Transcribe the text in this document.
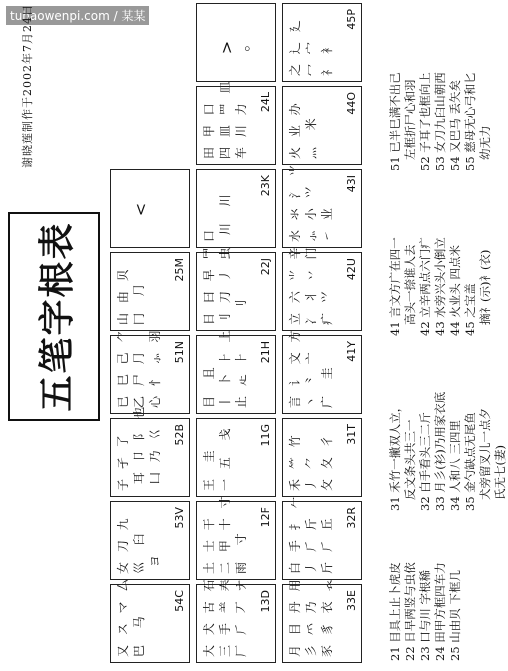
tuhaowenpi.com / 某某
五笔字根表
谢晓莲制作于2002年7月24日
月 目 丹 用
彡 ⺤ 乃
豕 豸 衣 𧘇
33E
白 手 ⺘ 𠂉
丿 ⺁ 斤
斤 ⺁ 丘 32R
禾 ⺮ 竹
丿 ⺈
攵 夂 彳 31T
言 讠 文 方
丶 ⺀ 亠
广  圭
41Y
立 六 ⺌ 辛
冫 丬 丷 门
疒 ⺍
42U
水 氺 ⺡ ⺌
⺗ 小 ⺍
㇀ 业
43I
火 业 办
灬  米
44O
之 辶 廴
冖 宀
礻 衤
45P
大 犬 古 石
三 手 ⺷ 𡗗
厂 ⺁ 丆 ナ
13D
土 士 干
二 甲 十 寸
雨  寸
12F
王  圭
一 五  戋 11G
目  且
丨 卜 ⺊ 上
止 龰 ⺊ 21H
日 曰 早 ⺜
刂 刀 丿 虫
刂
22J
口
川  川
23K
田 甲 口
四 皿 罒 皿
车 川 力 24L
>
。
又 ス マ 厶
巴  马
54C
女 刀 九
巛  臼
ヨ
53V
子 孑 了
耳 卩 阝 也
凵 乃 巜 52B
已 巳 己 ⺈
乙 尸 ⺆
心 忄 ⺗ 羽
51N
山 由 贝
冂  ⺆
25M
<
21 目具上止卜虎皮
22 日早两竖与虫依
23 口与川 字根稀
24 田甲方框四车力
25 山由贝 下框几
31 禾竹一撇双人立，
反文条头共三一
32 白手看头三二斤
33 月彡(衫)乃用家衣底
34 人和八 三四里
35 金勺缺点无尾鱼
犬旁留叉儿一点夕
氏无七(妻)
41 言文方广在四一
高头一捺谁人去
42 立辛两点六门疒
43 水旁兴头小倒立
44 火业头 四点米
45 之宝盖
摘礻(示)衤(衣)
51 已半巳满不出己
左框折尸心和羽
52 子耳了也框向上
53 女刀九臼山朝西
54 又巴马 丢矢矣
55 慈母无心弓和匕
幼无力
